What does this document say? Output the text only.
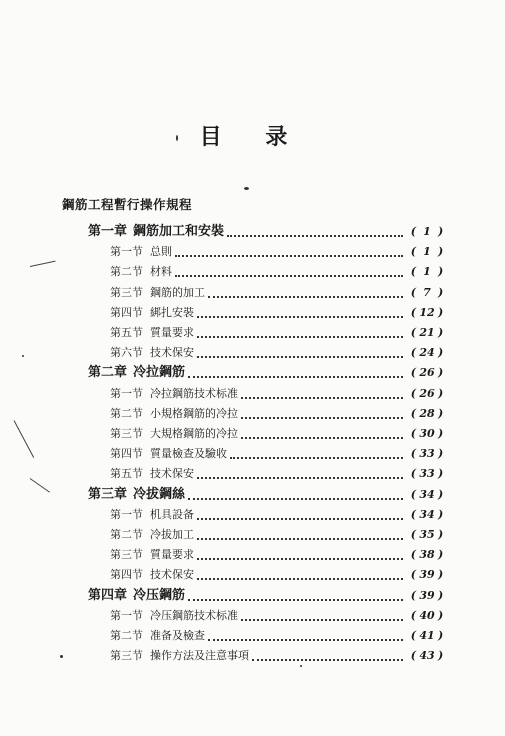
目 录
鋼筋工程暫行操作規程
第一章 鋼筋加工和安裝	( 1 )
第一节 总則	( 1 )
第二节 材料	( 1 )
第三节 鋼筋的加工	( 7 )
第四节 綁扎安裝	( 12 )
第五节 質量要求	( 21 )
第六节 技术保安	( 24 )
第二章 冷拉鋼筋	( 26 )
第一节 冷拉鋼筋技术标准	( 26 )
第二节 小規格鋼筋的冷拉	( 28 )
第三节 大規格鋼筋的冷拉	( 30 )
第四节 質量檢查及驗收	( 33 )
第五节 技术保安	( 33 )
第三章 冷拔鋼絲	( 34 )
第一节 机具設备	( 34 )
第二节 冷拔加工	( 35 )
第三节 質量要求	( 38 )
第四节 技术保安	( 39 )
第四章 冷压鋼筋	( 39 )
第一节 冷压鋼筋技术标准	( 40 )
第二节 准备及檢查	( 41 )
第三节 操作方法及注意事項	( 43 )
